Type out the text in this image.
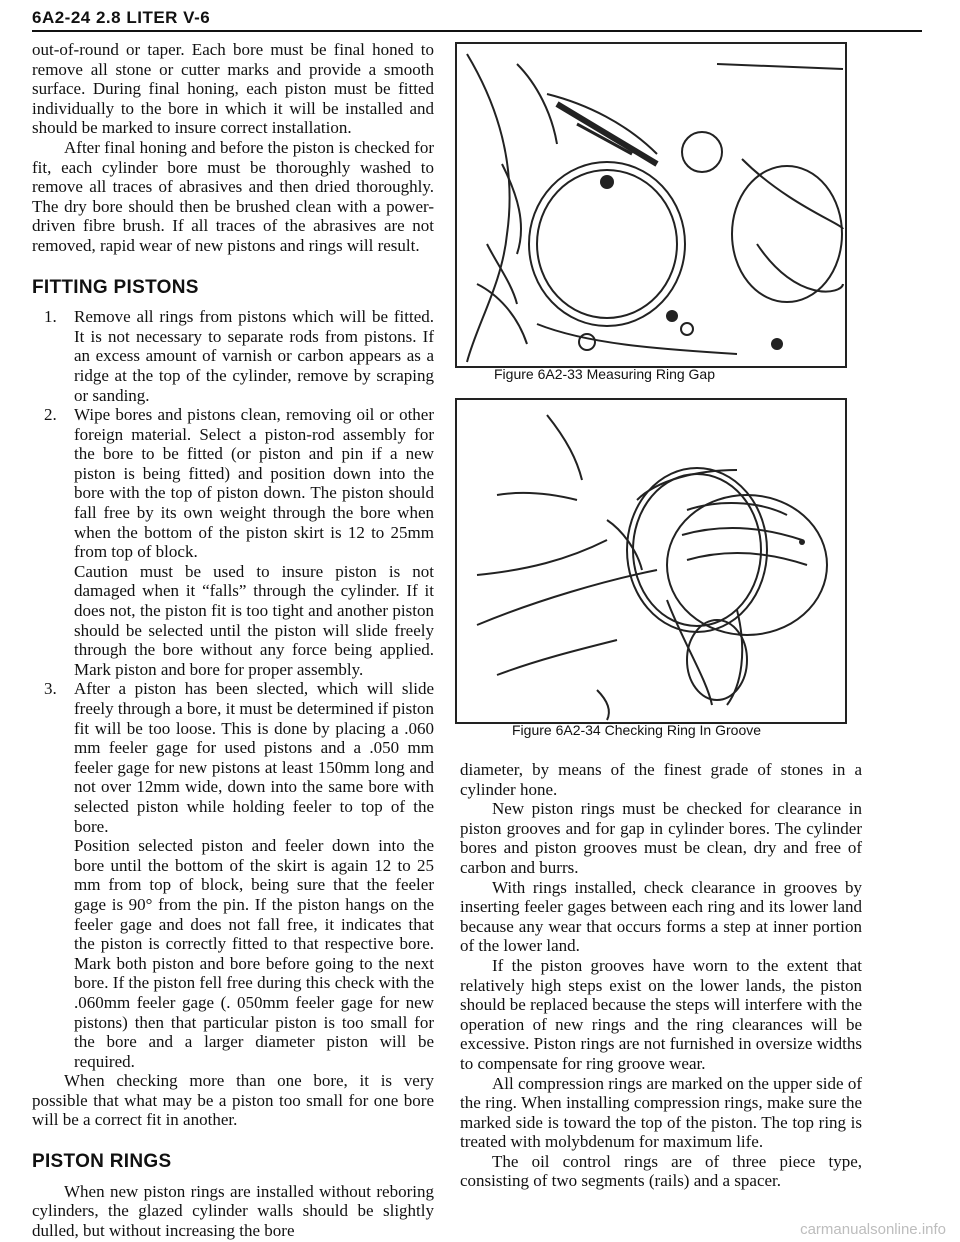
6A2-24 2.8 LITER V-6

out-of-round or taper. Each bore must be final honed to remove all stone or cutter marks and provide a smooth surface. During final honing, each piston must be fitted individually to the bore in which it will be installed and should be marked to insure correct installation.

After final honing and before the piston is checked for fit, each cylinder bore must be thoroughly washed to remove all traces of abrasives and then dried thoroughly. The dry bore should then be brushed clean with a power-driven fibre brush. If all traces of the abrasives are not removed, rapid wear of new pistons and rings will result.

FITTING PISTONS
1. Remove all rings from pistons which will be fitted. It is not necessary to separate rods from pistons. If an excess amount of varnish or carbon appears as a ridge at the top of the cylinder, remove by scraping or sanding.

2. Wipe bores and pistons clean, removing oil or other foreign material. Select a piston-rod assembly for the bore to be fitted (or piston and pin if a new piston is being fitted) and position down into the bore with the top of piston down. The piston should fall free by its own weight through the bore when when the bottom of the piston skirt is 12 to 25mm from top of block.

Caution must be used to insure piston is not damaged when it “falls” through the cylinder. If it does not, the piston fit is too tight and another piston should be selected until the piston will slide freely through the bore without any force being applied. Mark piston and bore for proper assembly.

3. After a piston has been slected, which will slide freely through a bore, it must be determined if piston fit will be too loose. This is done by placing a .060 mm feeler gage for used pistons and a .050 mm feeler gage for new pistons at least 150mm long and not over 12mm wide, down into the same bore with selected piston while holding feeler to top of the bore.

Position selected piston and feeler down into the bore until the bottom of the skirt is again 12 to 25 mm from top of block, being sure that the feeler gage is 90° from the pin. If the piston hangs on the feeler gage and does not fall free, it indicates that the piston is correctly fitted to that respective bore. Mark both piston and bore before going to the next bore. If the piston fell free during this check with the .060mm feeler gage (. 050mm feeler gage for new pistons) then that particular piston is too small for the bore and a larger diameter piston will be required.

When checking more than one bore, it is very possible that what may be a piston too small for one bore will be a correct fit in another.

PISTON RINGS

When new piston rings are installed without reboring cylinders, the glazed cylinder walls should be slightly dulled, but without increasing the bore

Figure 6A2-33 Measuring Ring Gap
Figure 6A2-34 Checking Ring In Groove

diameter, by means of the finest grade of stones in a cylinder hone.

New piston rings must be checked for clearance in piston grooves and for gap in cylinder bores. The cylinder bores and piston grooves must be clean, dry and free of carbon and burrs.

With rings installed, check clearance in grooves by inserting feeler gages between each ring and its lower land because any wear that occurs forms a step at inner portion of the lower land.

If the piston grooves have worn to the extent that relatively high steps exist on the lower lands, the piston should be replaced because the steps will interfere with the operation of new rings and the ring clearances will be excessive. Piston rings are not furnished in oversize widths to compensate for ring groove wear.

All compression rings are marked on the upper side of the ring. When installing compression rings, make sure the marked side is toward the top of the piston. The top ring is treated with molybdenum for maximum life.

The oil control rings are of three piece type, consisting of two segments (rails) and a spacer.

carmanualsonline.info
